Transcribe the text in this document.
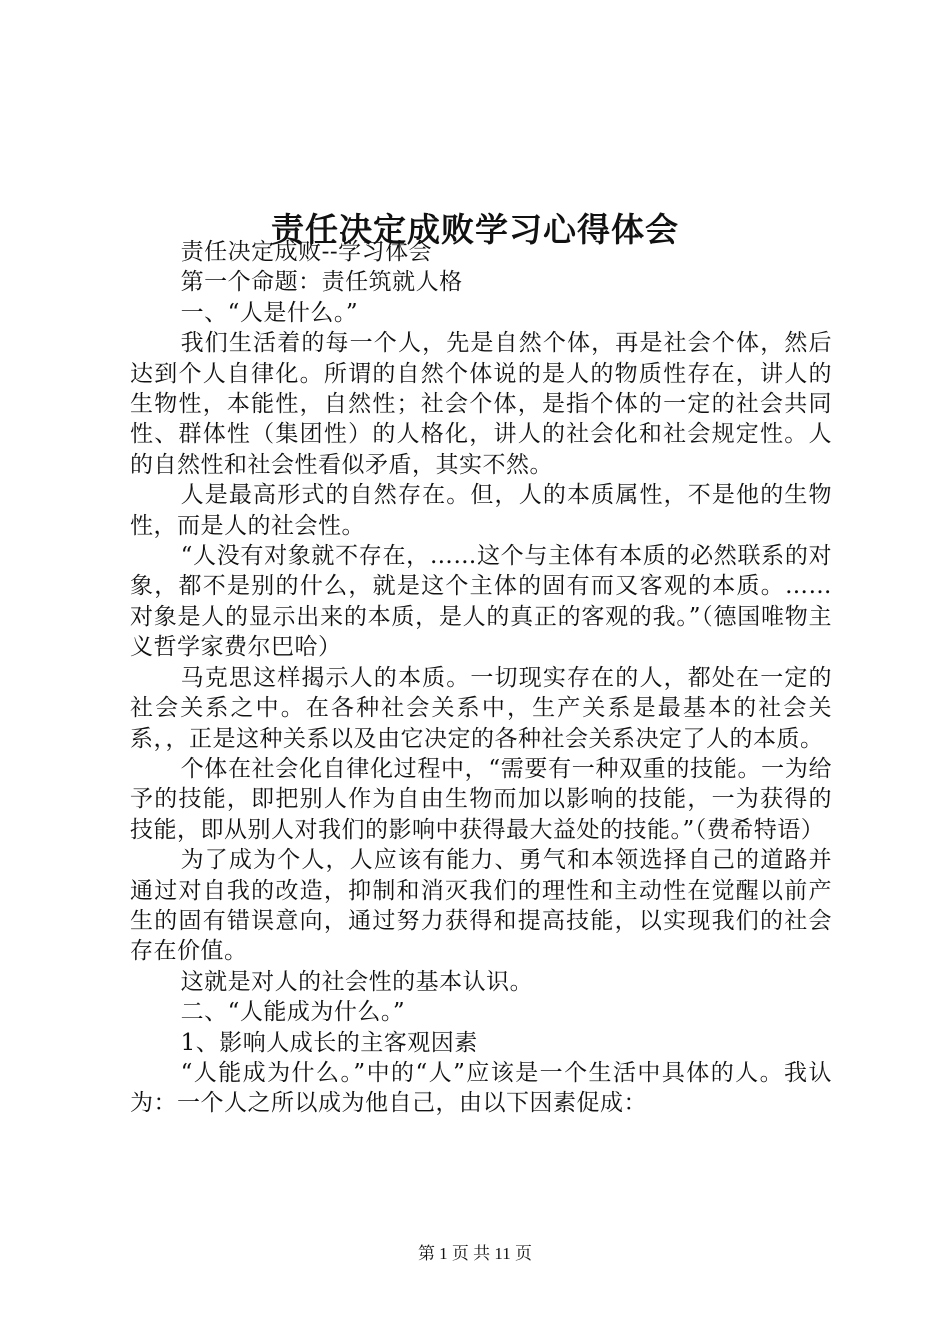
责任决定成败学习心得体会

责任决定成败--学习体会

第一个命题：责任筑就人格

一、“人是什么。”

我们生活着的每一个人，先是自然个体，再是社会个体，然后达到个人自律化。所谓的自然个体说的是人的物质性存在，讲人的生物性，本能性，自然性；社会个体，是指个体的一定的社会共同性、群体性（集团性）的人格化，讲人的社会化和社会规定性。人的自然性和社会性看似矛盾，其实不然。

人是最高形式的自然存在。但，人的本质属性，不是他的生物性，而是人的社会性。

“人没有对象就不存在，……这个与主体有本质的必然联系的对象，都不是别的什么，就是这个主体的固有而又客观的本质。……对象是人的显示出来的本质，是人的真正的客观的我。”（德国唯物主义哲学家费尔巴哈）

马克思这样揭示人的本质。一切现实存在的人，都处在一定的社会关系之中。在各种社会关系中，生产关系是最基本的社会关系，，正是这种关系以及由它决定的各种社会关系决定了人的本质。

个体在社会化自律化过程中，“需要有一种双重的技能。一为给予的技能，即把别人作为自由生物而加以影响的技能，一为获得的技能，即从别人对我们的影响中获得最大益处的技能。”（费希特语）

为了成为个人，人应该有能力、勇气和本领选择自己的道路并通过对自我的改造，抑制和消灭我们的理性和主动性在觉醒以前产生的固有错误意向，通过努力获得和提高技能，以实现我们的社会存在价值。

这就是对人的社会性的基本认识。

二、“人能成为什么。”

1、影响人成长的主客观因素

“人能成为什么。”中的“人”应该是一个生活中具体的人。我认为：一个人之所以成为他自己，由以下因素促成：

第 1 页 共 11 页
